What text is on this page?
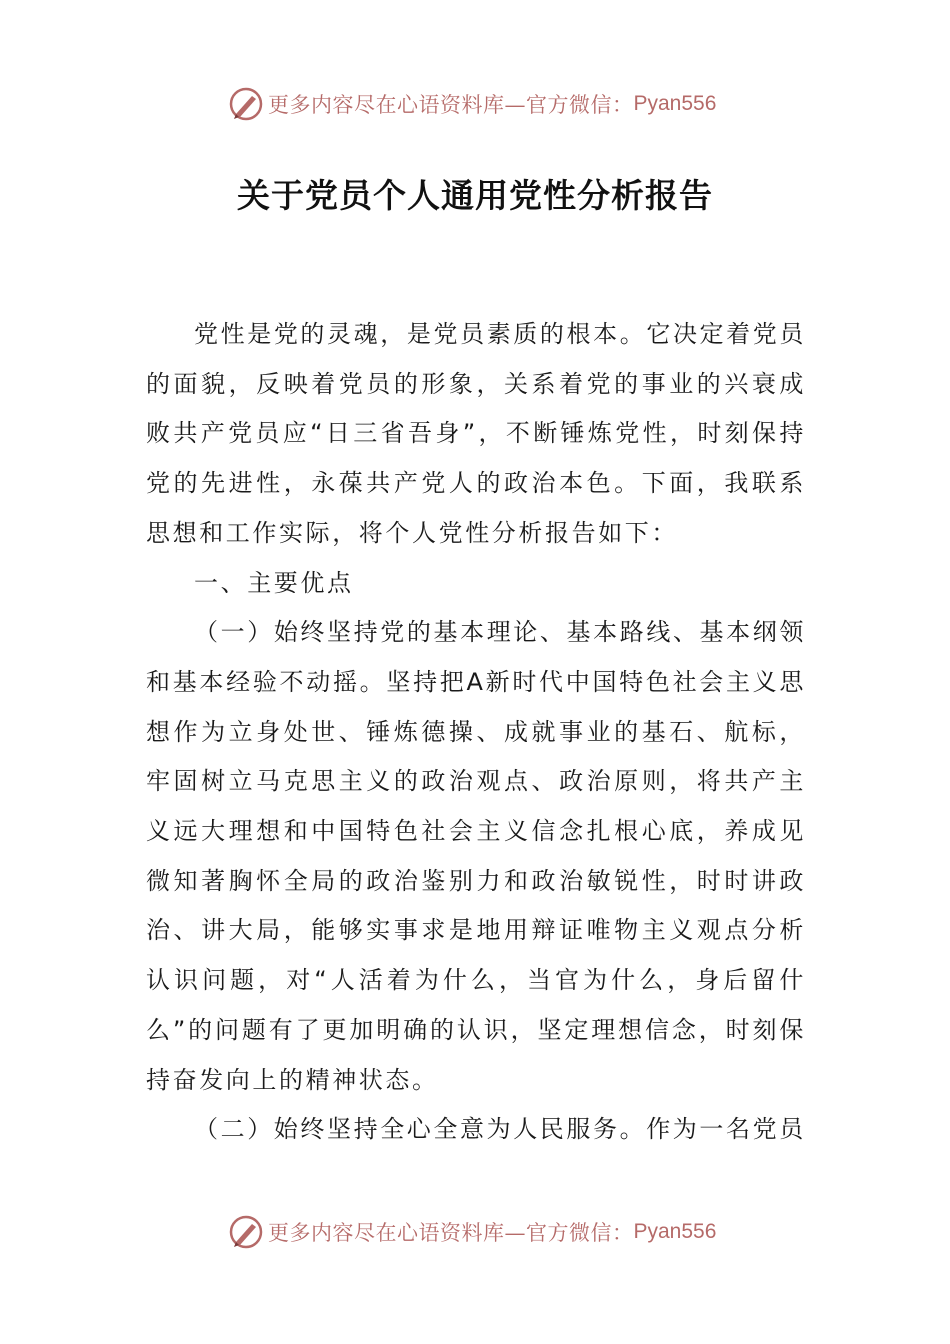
更多内容尽在心语资料库—官方微信： Pyan556
关于党员个人通用党性分析报告

党性是党的灵魂，是党员素质的根本。它决定着党员的面貌，反映着党员的形象，关系着党的事业的兴衰成败共产党员应“日三省吾身”，不断锤炼党性，时刻保持党的先进性，永葆共产党人的政治本色。下面，我联系思想和工作实际，将个人党性分析报告如下：

一、主要优点

（一）始终坚持党的基本理论、基本路线、基本纲领和基本经验不动摇。坚持把A新时代中国特色社会主义思想作为立身处世、锤炼德操、成就事业的基石、航标，牢固树立马克思主义的政治观点、政治原则，将共产主义远大理想和中国特色社会主义信念扎根心底，养成见微知著胸怀全局的政治鉴别力和政治敏锐性，时时讲政治、讲大局，能够实事求是地用辩证唯物主义观点分析认识问题，对“人活着为什么，当官为什么，身后留什么”的问题有了更加明确的认识，坚定理想信念，时刻保持奋发向上的精神状态。

（二）始终坚持全心全意为人民服务。作为一名党员

更多内容尽在心语资料库—官方微信： Pyan556
